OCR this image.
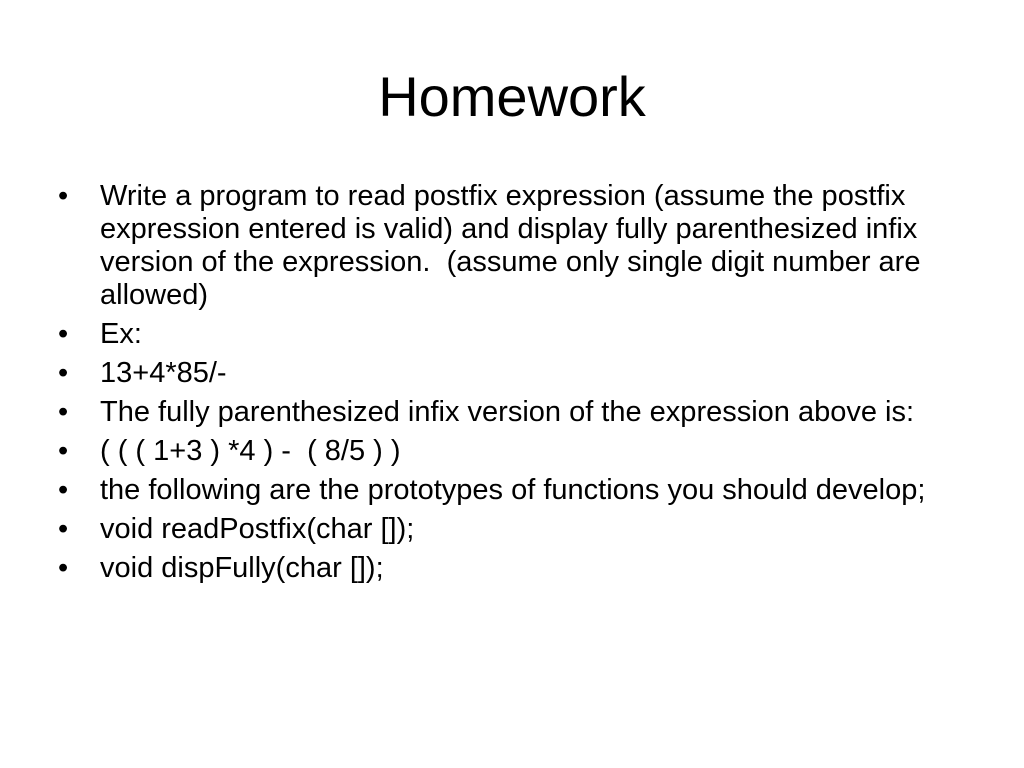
Homework
•	Write a program to read postfix expression (assume the postfix expression entered is valid) and display fully parenthesized infix version of the expression.  (assume only single digit number are allowed)
•	Ex:
•	13+4*85/-
•	The fully parenthesized infix version of the expression above is:
•	( ( ( 1+3 ) *4 ) -  ( 8/5 ) )
•	the following are the prototypes of functions you should develop;
•	void readPostfix(char []);
•	void dispFully(char []);
